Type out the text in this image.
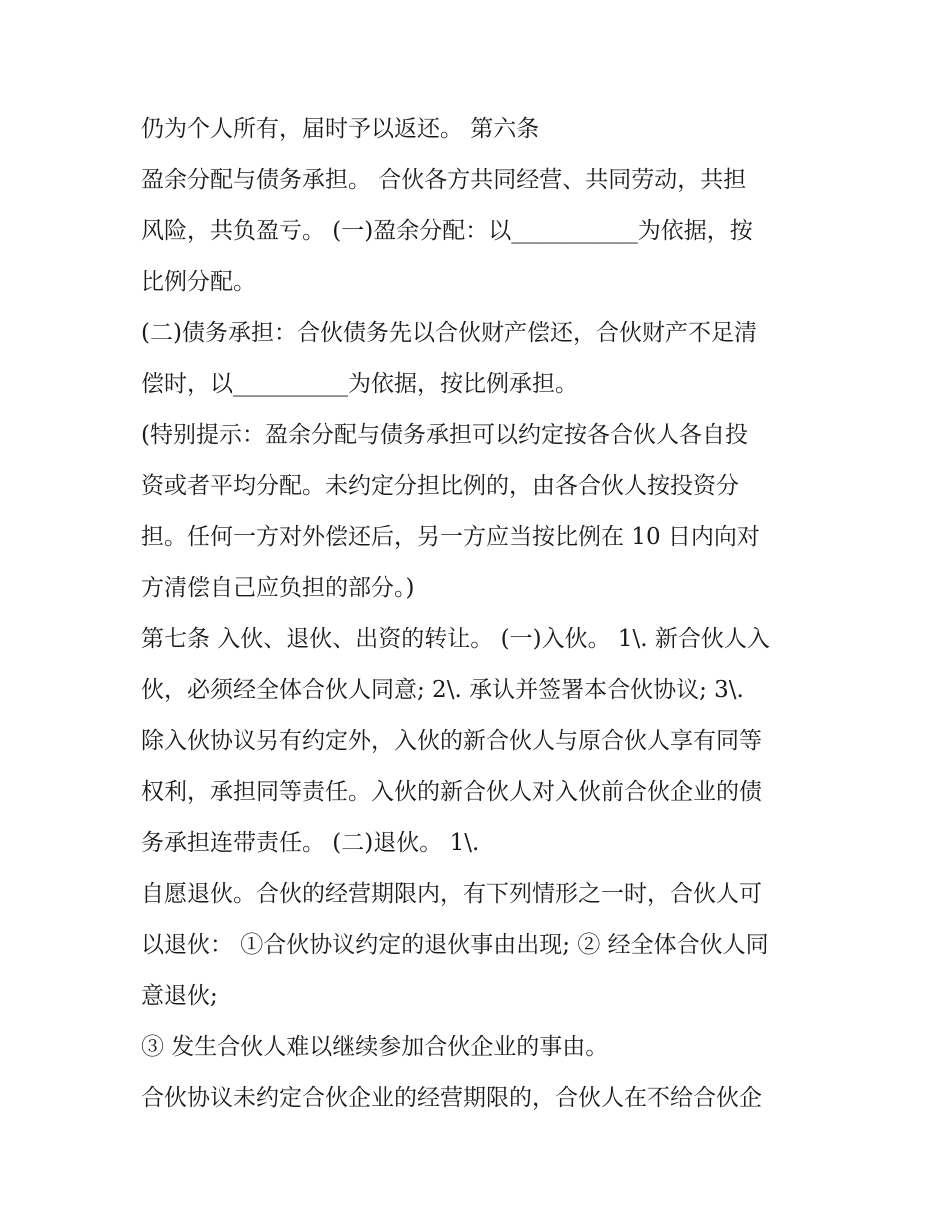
仍为个人所有，届时予以返还。 第六条
盈余分配与债务承担。 合伙各方共同经营、共同劳动，共担
风险，共负盈亏。 (一)盈余分配：以___________为依据，按
比例分配。
(二)债务承担：合伙债务先以合伙财产偿还，合伙财产不足清
偿时，以__________为依据，按比例承担。
(特别提示：盈余分配与债务承担可以约定按各合伙人各自投
资或者平均分配。未约定分担比例的，由各合伙人按投资分
担。任何一方对外偿还后，另一方应当按比例在 10 日内向对
方清偿自己应负担的部分。)
第七条 入伙、退伙、出资的转让。 (一)入伙。 1\. 新合伙人入
伙，必须经全体合伙人同意; 2\. 承认并签署本合伙协议; 3\.
除入伙协议另有约定外，入伙的新合伙人与原合伙人享有同等
权利，承担同等责任。入伙的新合伙人对入伙前合伙企业的债
务承担连带责任。 (二)退伙。 1\.
自愿退伙。合伙的经营期限内，有下列情形之一时，合伙人可
以退伙： ①合伙协议约定的退伙事由出现; ② 经全体合伙人同
意退伙;
③ 发生合伙人难以继续参加合伙企业的事由。
合伙协议未约定合伙企业的经营期限的，合伙人在不给合伙企
